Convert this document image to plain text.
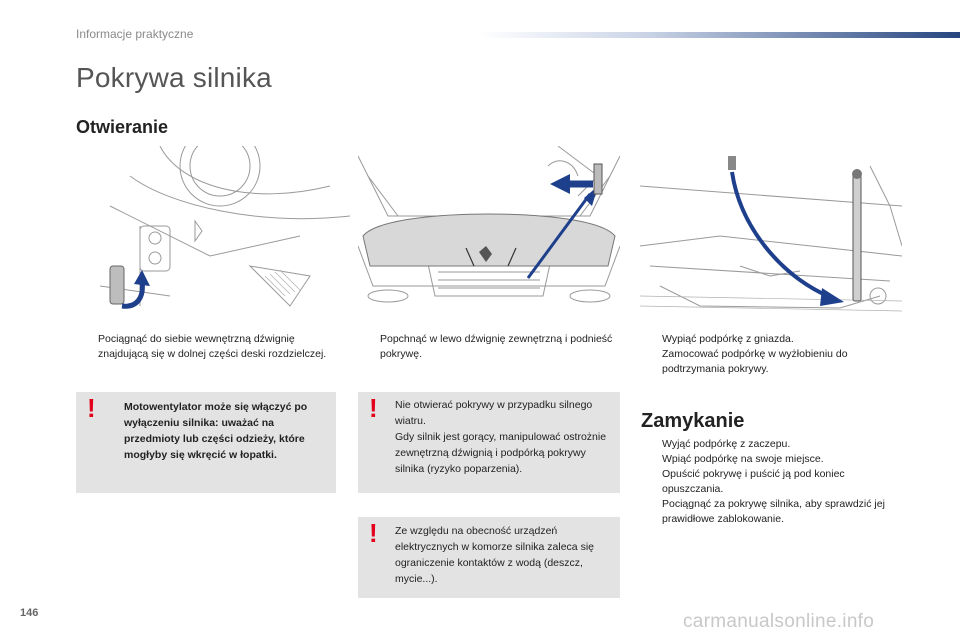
Informacje praktyczne
Pokrywa silnika
Otwieranie
Pociągnąć do siebie wewnętrzną dźwignię znajdującą się w dolnej części deski rozdzielczej.
Popchnąć w lewo dźwignię zewnętrzną i podnieść pokrywę.
Wypiąć podpórkę z gniazda.
Zamocować podpórkę w wyżłobieniu do podtrzymania pokrywy.
!	Motowentylator może się włączyć po wyłączeniu silnika: uważać na przedmioty lub części odzieży, które mogłyby się wkręcić w łopatki.
! Nie otwierać pokrywy w przypadku silnego wiatru.
Gdy silnik jest gorący, manipulować ostrożnie zewnętrzną dźwignią i podpórką pokrywy silnika (ryzyko poparzenia).
! Ze względu na obecność urządzeń elektrycznych w komorze silnika zaleca się ograniczenie kontaktów z wodą (deszcz, mycie...).
Zamykanie
Wyjąć podpórkę z zaczepu.
Wpiąć podpórkę na swoje miejsce.
Opuścić pokrywę i puścić ją pod koniec opuszczania.
Pociągnąć za pokrywę silnika, aby sprawdzić jej prawidłowe zablokowanie.
146	carmanualsonline.info
